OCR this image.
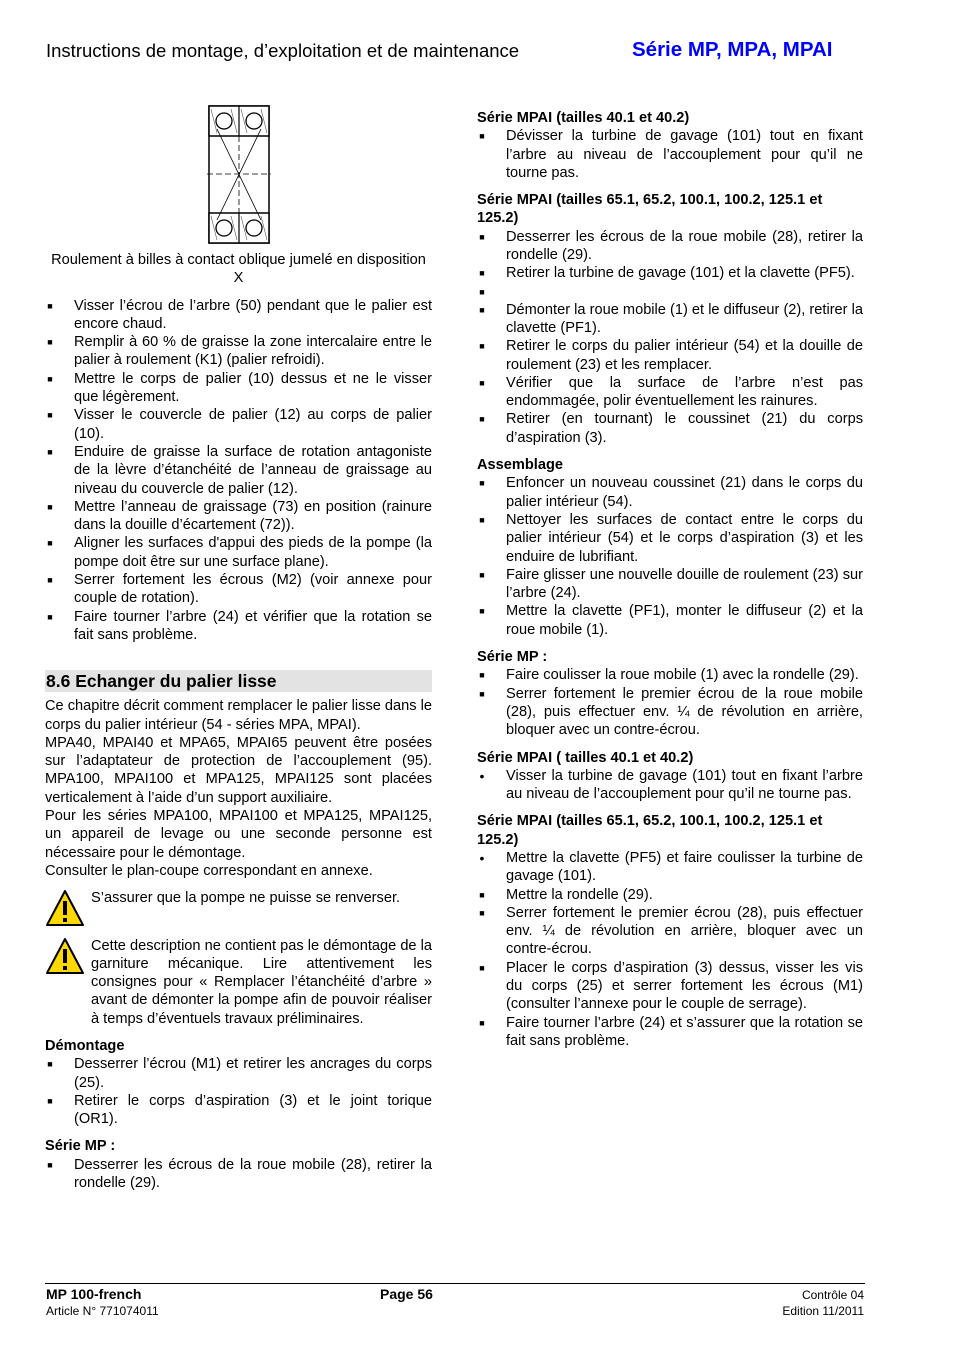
Instructions de montage, d’exploitation et de maintenance	Série MP, MPA, MPAI
Roulement à billes à contact oblique jumelé en disposition X
■ Visser l’écrou de l’arbre (50) pendant que le palier est encore chaud.
■ Remplir à 60 % de graisse la zone intercalaire entre le palier à roulement (K1) (palier refroidi).
■ Mettre le corps de palier (10) dessus et ne le visser que légèrement.
■ Visser le couvercle de palier (12) au corps de palier (10).
■ Enduire de graisse la surface de rotation antagoniste de la lèvre d’étanchéité de l’anneau de graissage au niveau du couvercle de palier (12).
■ Mettre l’anneau de graissage (73) en position (rainure dans la douille d’écartement (72)).
■ Aligner les surfaces d'appui des pieds de la pompe (la pompe doit être sur une surface plane).
■ Serrer fortement les écrous (M2) (voir annexe pour couple de rotation).
■ Faire tourner l’arbre (24) et vérifier que la rotation se fait sans problème.
8.6 Echanger du palier lisse

Ce chapitre décrit comment remplacer le palier lisse dans le corps du palier intérieur (54 - séries MPA, MPAI).

MPA40, MPAI40 et MPA65, MPAI65 peuvent être posées sur l’adaptateur de protection de l’accouplement (95). MPA100, MPAI100 et MPA125, MPAI125 sont placées verticalement à l’aide d’un support auxiliaire.

Pour les séries MPA100, MPAI100 et MPA125, MPAI125, un appareil de levage ou une seconde personne est nécessaire pour le démontage.

Consulter le plan-coupe correspondant en annexe.

S’assurer que la pompe ne puisse se renverser.

Cette description ne contient pas le démontage de la garniture mécanique. Lire attentivement les consignes pour « Remplacer l’étanchéité d’arbre » avant de démonter la pompe afin de pouvoir réaliser à temps d’éventuels travaux préliminaires.

Démontage
■ Desserrer l’écrou (M1) et retirer les ancrages du corps (25).
■ Retirer le corps d’aspiration (3) et le joint torique (OR1).
Série MP :
■ Desserrer les écrous de la roue mobile (28), retirer la rondelle (29).
Série MPAI (tailles 40.1 et 40.2)
■ Dévisser la turbine de gavage (101) tout en fixant l’arbre au niveau de l’accouplement pour qu’il ne tourne pas.
Série MPAI (tailles 65.1, 65.2, 100.1, 100.2, 125.1 et 125.2)
■ Desserrer les écrous de la roue mobile (28), retirer la rondelle (29).
■ Retirer la turbine de gavage (101) et la clavette (PF5).
■
■ Démonter la roue mobile (1) et le diffuseur (2), retirer la clavette (PF1).
■ Retirer le corps du palier intérieur (54) et la douille de roulement (23) et les remplacer.
■ Vérifier que la surface de l’arbre n’est pas endommagée, polir éventuellement les rainures.
■ Retirer (en tournant) le coussinet (21) du corps d’aspiration (3).
Assemblage
■ Enfoncer un nouveau coussinet (21) dans le corps du palier intérieur (54).
■ Nettoyer les surfaces de contact entre le corps du palier intérieur (54) et le corps d’aspiration (3) et les enduire de lubrifiant.
■ Faire glisser une nouvelle douille de roulement (23) sur l’arbre (24).
■ Mettre la clavette (PF1), monter le diffuseur (2) et la roue mobile (1).
Série MP :
■ Faire coulisser la roue mobile (1) avec la rondelle (29).
■ Serrer fortement le premier écrou de la roue mobile (28), puis effectuer env. ¼ de révolution en arrière, bloquer avec un contre-écrou.
Série MPAI ( tailles 40.1 et 40.2)
• Visser la turbine de gavage (101) tout en fixant l’arbre au niveau de l’accouplement pour qu’il ne tourne pas.
Série MPAI (tailles 65.1, 65.2, 100.1, 100.2, 125.1 et 125.2)
• Mettre la clavette (PF5) et faire coulisser la turbine de gavage (101).
■ Mettre la rondelle (29).
■ Serrer fortement le premier écrou (28), puis effectuer env. ¼ de révolution en arrière, bloquer avec un contre-écrou.
■ Placer le corps d’aspiration (3) dessus, visser les vis du corps (25) et serrer fortement les écrous (M1) (consulter l’annexe pour le couple de serrage).
■ Faire tourner l’arbre (24) et s’assurer que la rotation se fait sans problème.
MP 100-french
Article N° 771074011
Page 56	Contrôle 04
Edition 11/2011
